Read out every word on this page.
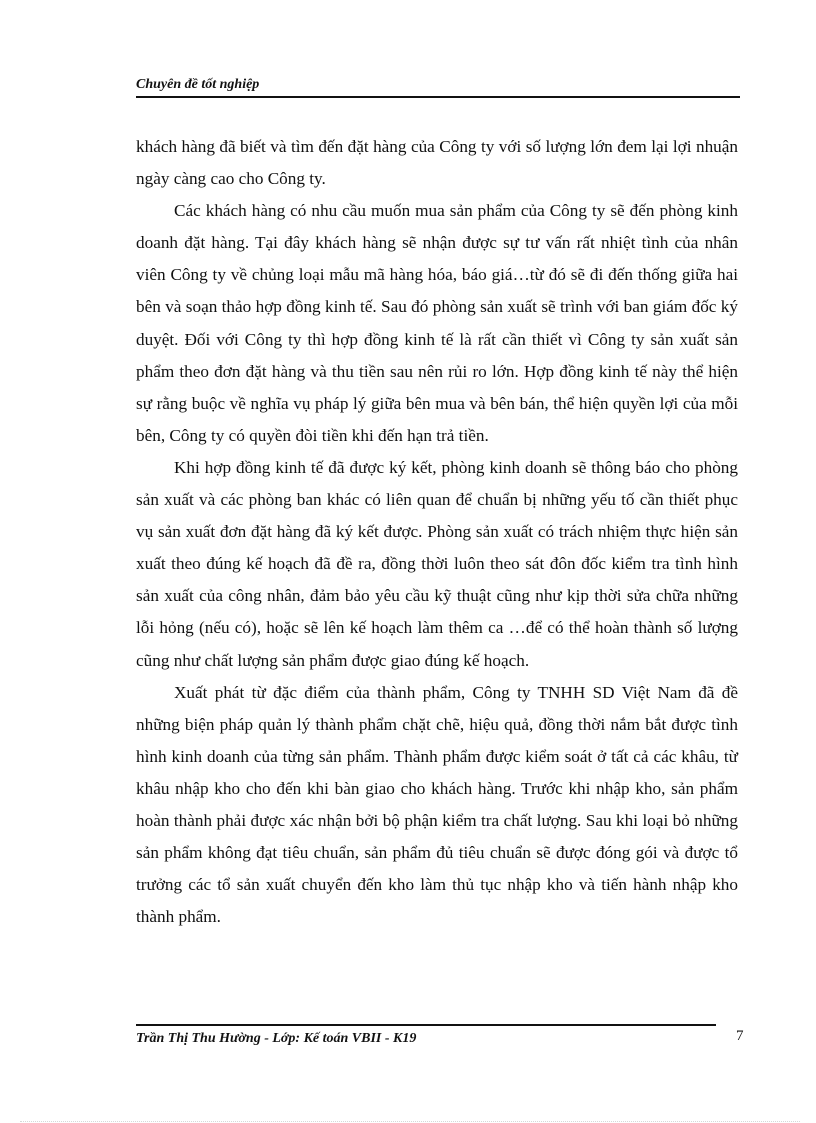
Chuyên đề tốt nghiệp

khách hàng đã biết và tìm đến đặt hàng của Công ty với số lượng lớn đem lại lợi nhuận ngày càng cao cho Công ty.

Các khách hàng có nhu cầu muốn mua sản phẩm của Công ty sẽ đến phòng kinh doanh đặt hàng. Tại đây khách hàng sẽ nhận được sự tư vấn rất nhiệt tình của nhân viên Công ty về chủng loại mẫu mã hàng hóa, báo giá…từ đó sẽ đi đến thống giữa hai bên và soạn thảo hợp đồng kinh tế. Sau đó phòng sản xuất sẽ trình với ban giám đốc ký duyệt. Đối với Công ty thì hợp đồng kinh tế là rất cần thiết vì Công ty sản xuất sản phẩm theo đơn đặt hàng và thu tiền sau nên rủi ro lớn. Hợp đồng kinh tế này thể hiện sự rằng buộc về nghĩa vụ pháp lý giữa bên mua và bên bán, thể hiện quyền lợi của mỗi bên, Công ty có quyền đòi tiền khi đến hạn trả tiền.

Khi hợp đồng kinh tế đã được ký kết, phòng kinh doanh sẽ thông báo cho phòng sản xuất và các phòng ban khác có liên quan để chuẩn bị những yếu tố cần thiết phục vụ sản xuất đơn đặt hàng đã ký kết được. Phòng sản xuất có trách nhiệm thực hiện sản xuất theo đúng kế hoạch đã đề ra, đồng thời luôn theo sát đôn đốc kiểm tra tình hình sản xuất của công nhân, đảm bảo yêu cầu kỹ thuật cũng như kịp thời sửa chữa những lỗi hỏng (nếu có), hoặc sẽ lên kế hoạch làm thêm ca …để có thể hoàn thành số lượng cũng như chất lượng sản phẩm được giao đúng kế hoạch.

Xuất phát từ đặc điểm của thành phẩm, Công ty TNHH SD Việt Nam đã đề những biện pháp quản lý thành phẩm chặt chẽ, hiệu quả, đồng thời nắm bắt được tình hình kinh doanh của từng sản phẩm. Thành phẩm được kiểm soát ở tất cả các khâu, từ khâu nhập kho cho đến khi bàn giao cho khách hàng. Trước khi nhập kho, sản phẩm hoàn thành phải được xác nhận bởi bộ phận kiểm tra chất lượng. Sau khi loại bỏ những sản phẩm không đạt tiêu chuẩn, sản phẩm đủ tiêu chuẩn sẽ được đóng gói và được tổ trưởng các tổ sản xuất chuyển đến kho làm thủ tục nhập kho và tiến hành nhập kho thành phẩm.

Trần Thị Thu Hường - Lớp: Kế toán VBII - K19	7
